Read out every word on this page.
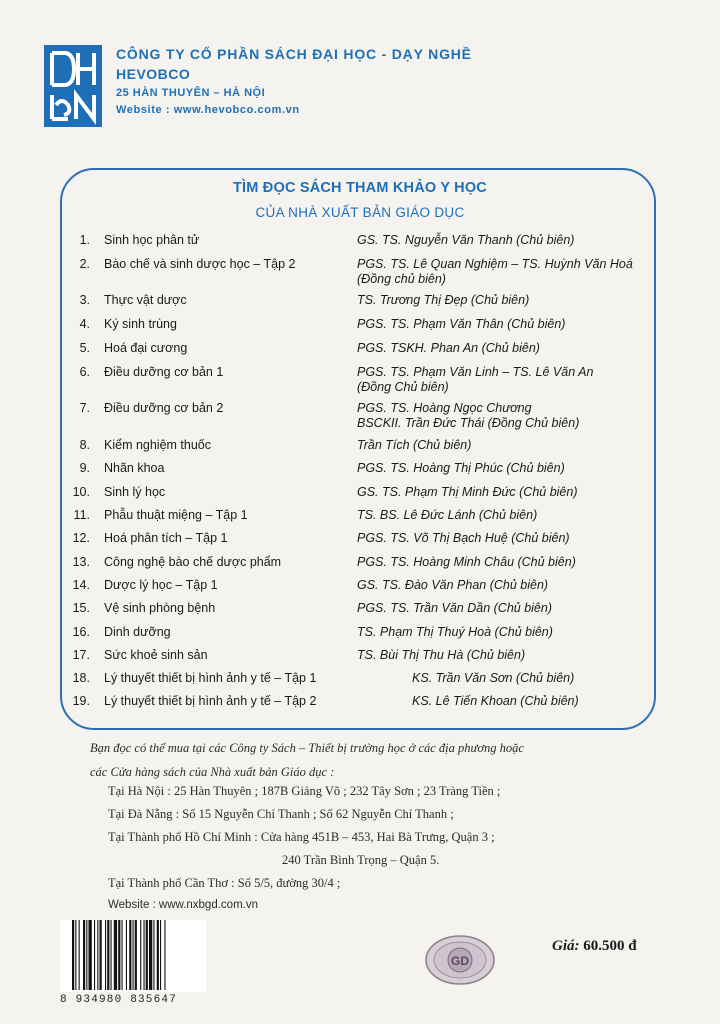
CÔNG TY CỔ PHẦN SÁCH ĐẠI HỌC - DẠY NGHỀ
HEVOBCO
25 HÀN THUYÊN – HÀ NỘI
Website : www.hevobco.com.vn
TÌM ĐỌC SÁCH THAM KHẢO Y HỌC
CỦA NHÀ XUẤT BẢN GIÁO DỤC
1. Sinh học phân tử	GS. TS. Nguyễn Văn Thanh (Chủ biên)
2. Bào chế và sinh dược học – Tập 2	PGS. TS. Lê Quan Nghiệm – TS. Huỳnh Văn Hoá
(Đồng chủ biên)
3. Thực vật dược	TS. Trương Thị Đẹp (Chủ biên)
4. Ký sinh trùng	PGS. TS. Phạm Văn Thân (Chủ biên)
5. Hoá đại cương	PGS. TSKH. Phan An (Chủ biên)
6. Điều dưỡng cơ bản 1	PGS. TS. Phạm Văn Linh – TS. Lê Văn An
(Đồng Chủ biên)
7. Điều dưỡng cơ bản 2	PGS. TS. Hoàng Ngọc Chương
BSCKII. Trần Đức Thái (Đồng Chủ biên)
8. Kiểm nghiệm thuốc	Trần Tích (Chủ biên)
9. Nhãn khoa	PGS. TS. Hoàng Thị Phúc (Chủ biên)
10. Sinh lý học	GS. TS. Phạm Thị Minh Đức (Chủ biên)
11. Phẫu thuật miệng – Tập 1	TS. BS. Lê Đức Lánh (Chủ biên)
12. Hoá phân tích – Tập 1	PGS. TS. Võ Thị Bạch Huệ (Chủ biên)
13. Công nghệ bào chế dược phẩm	PGS. TS. Hoàng Minh Châu (Chủ biên)
14. Dược lý học – Tập 1	GS. TS. Đào Văn Phan (Chủ biên)
15. Vệ sinh phòng bệnh	PGS. TS. Trần Văn Dần (Chủ biên)
16. Dinh dưỡng	TS. Phạm Thị Thuý Hoà (Chủ biên)
17. Sức khoẻ sinh sản	TS. Bùi Thị Thu Hà (Chủ biên)
18. Lý thuyết thiết bị hình ảnh y tế – Tập 1	KS. Trần Văn Sơn (Chủ biên)
19. Lý thuyết thiết bị hình ảnh y tế – Tập 2	KS. Lê Tiến Khoan (Chủ biên)
Bạn đọc có thể mua tại các Công ty Sách – Thiết bị trường học ở các địa phương hoặc
các Cửa hàng sách của Nhà xuất bản Giáo dục :
Tại Hà Nội : 25 Hàn Thuyên ; 187B Giảng Võ ; 232 Tây Sơn ; 23 Tràng Tiền ;
Tại Đà Nẵng : Số 15 Nguyễn Chí Thanh ; Số 62 Nguyễn Chí Thanh ;
Tại Thành phố Hồ Chí Minh : Cửa hàng 451B – 453, Hai Bà Trưng, Quận 3 ;
240 Trần Bình Trọng – Quận 5.
Tại Thành phố Cần Thơ : Số 5/5, đường 30/4 ;
Website : www.nxbgd.com.vn
8 934980 835647
GD
Giá: 60.500 đ
